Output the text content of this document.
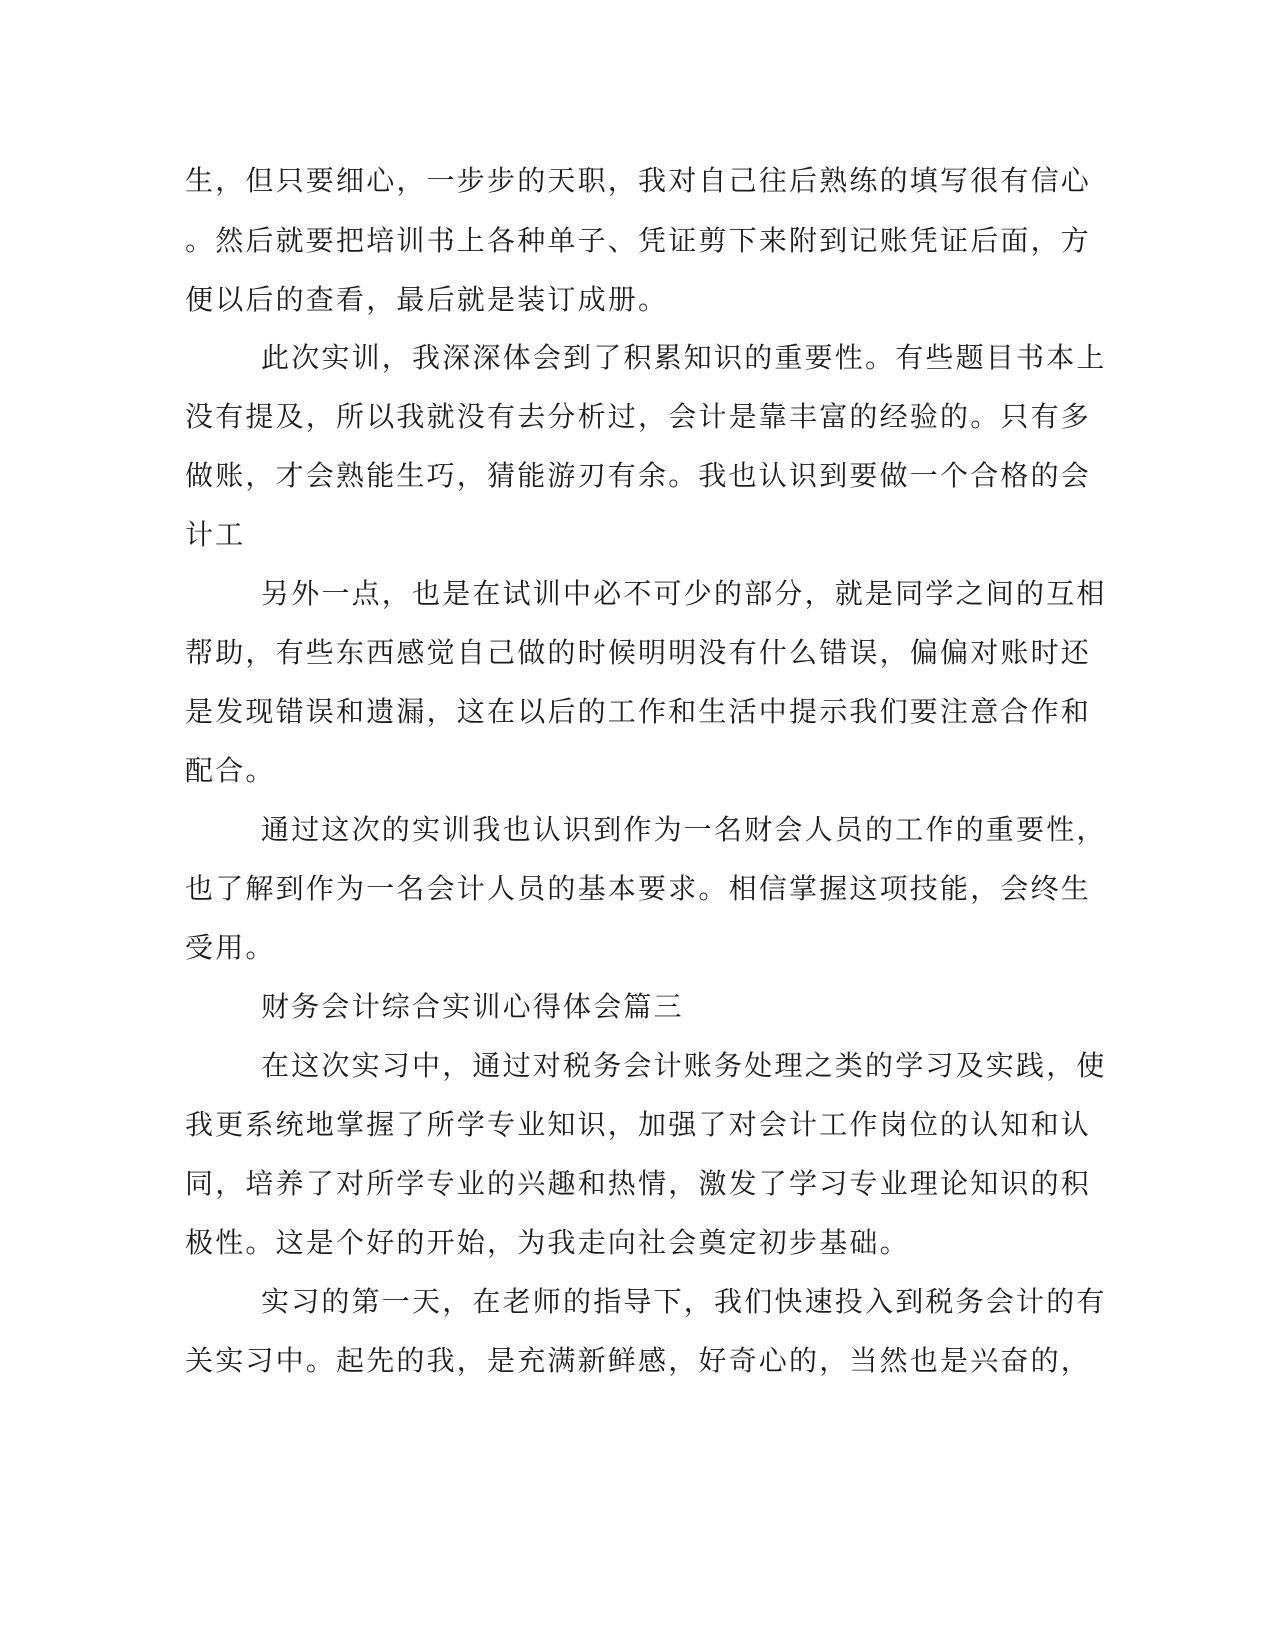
生，但只要细心，一步步的天职，我对自己往后熟练的填写很有信心
。然后就要把培训书上各种单子、凭证剪下来附到记账凭证后面，方
便以后的查看，最后就是装订成册。
此次实训，我深深体会到了积累知识的重要性。有些题目书本上
没有提及，所以我就没有去分析过，会计是靠丰富的经验的。只有多
做账，才会熟能生巧，猜能游刃有余。我也认识到要做一个合格的会
计工
另外一点，也是在试训中必不可少的部分，就是同学之间的互相
帮助，有些东西感觉自己做的时候明明没有什么错误，偏偏对账时还
是发现错误和遗漏，这在以后的工作和生活中提示我们要注意合作和
配合。
通过这次的实训我也认识到作为一名财会人员的工作的重要性，
也了解到作为一名会计人员的基本要求。相信掌握这项技能，会终生
受用。
财务会计综合实训心得体会篇三
在这次实习中，通过对税务会计账务处理之类的学习及实践，使
我更系统地掌握了所学专业知识，加强了对会计工作岗位的认知和认
同，培养了对所学专业的兴趣和热情，激发了学习专业理论知识的积
极性。这是个好的开始，为我走向社会奠定初步基础。
实习的第一天，在老师的指导下，我们快速投入到税务会计的有
关实习中。起先的我，是充满新鲜感，好奇心的，当然也是兴奋的，
